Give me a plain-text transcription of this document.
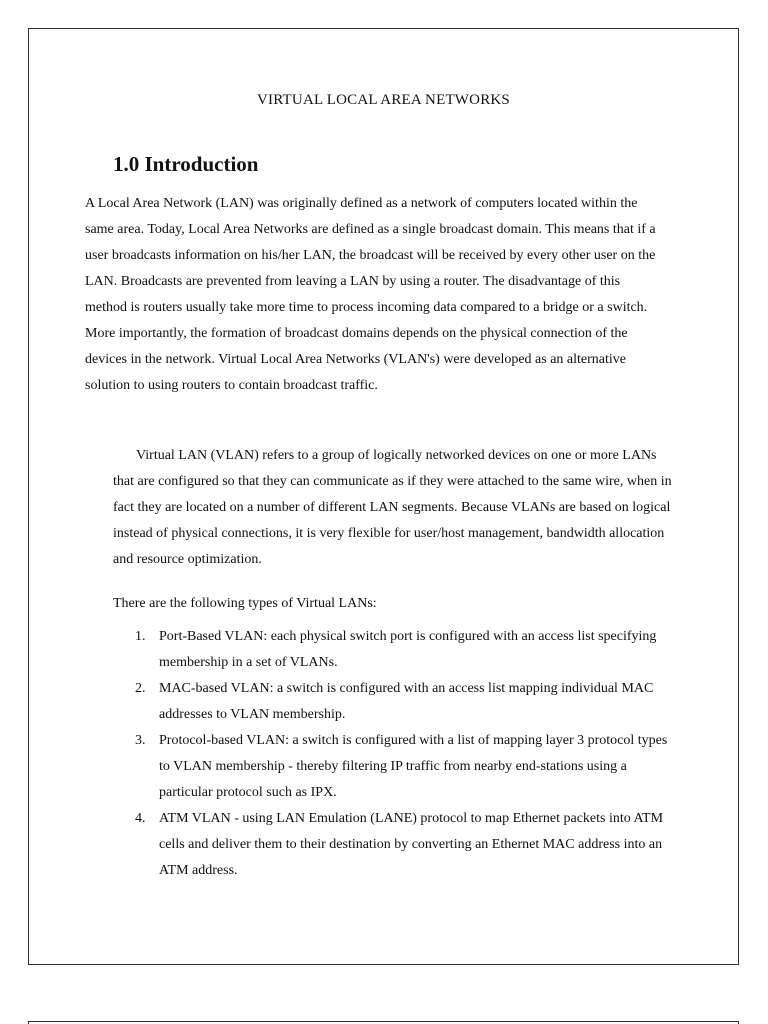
VIRTUAL LOCAL AREA NETWORKS
1.0 Introduction

A Local Area Network (LAN) was originally defined as a network of computers located within the same area. Today, Local Area Networks are defined as a single broadcast domain. This means that if a user broadcasts information on his/her LAN, the broadcast will be received by every other user on the LAN. Broadcasts are prevented from leaving a LAN by using a router. The disadvantage of this method is routers usually take more time to process incoming data compared to a bridge or a switch. More importantly, the formation of broadcast domains depends on the physical connection of the devices in the network. Virtual Local Area Networks (VLAN's) were developed as an alternative solution to using routers to contain broadcast traffic.

Virtual LAN (VLAN) refers to a group of logically networked devices on one or more LANs that are configured so that they can communicate as if they were attached to the same wire, when in fact they are located on a number of different LAN segments. Because VLANs are based on logical instead of physical connections, it is very flexible for user/host management, bandwidth allocation and resource optimization.

There are the following types of Virtual LANs:

1. Port-Based VLAN: each physical switch port is configured with an access list specifying membership in a set of VLANs.
2. MAC-based VLAN: a switch is configured with an access list mapping individual MAC addresses to VLAN membership.
3. Protocol-based VLAN: a switch is configured with a list of mapping layer 3 protocol types to VLAN membership - thereby filtering IP traffic from nearby end-stations using a particular protocol such as IPX.
4. ATM VLAN - using LAN Emulation (LANE) protocol to map Ethernet packets into ATM cells and deliver them to their destination by converting an Ethernet MAC address into an ATM address.
